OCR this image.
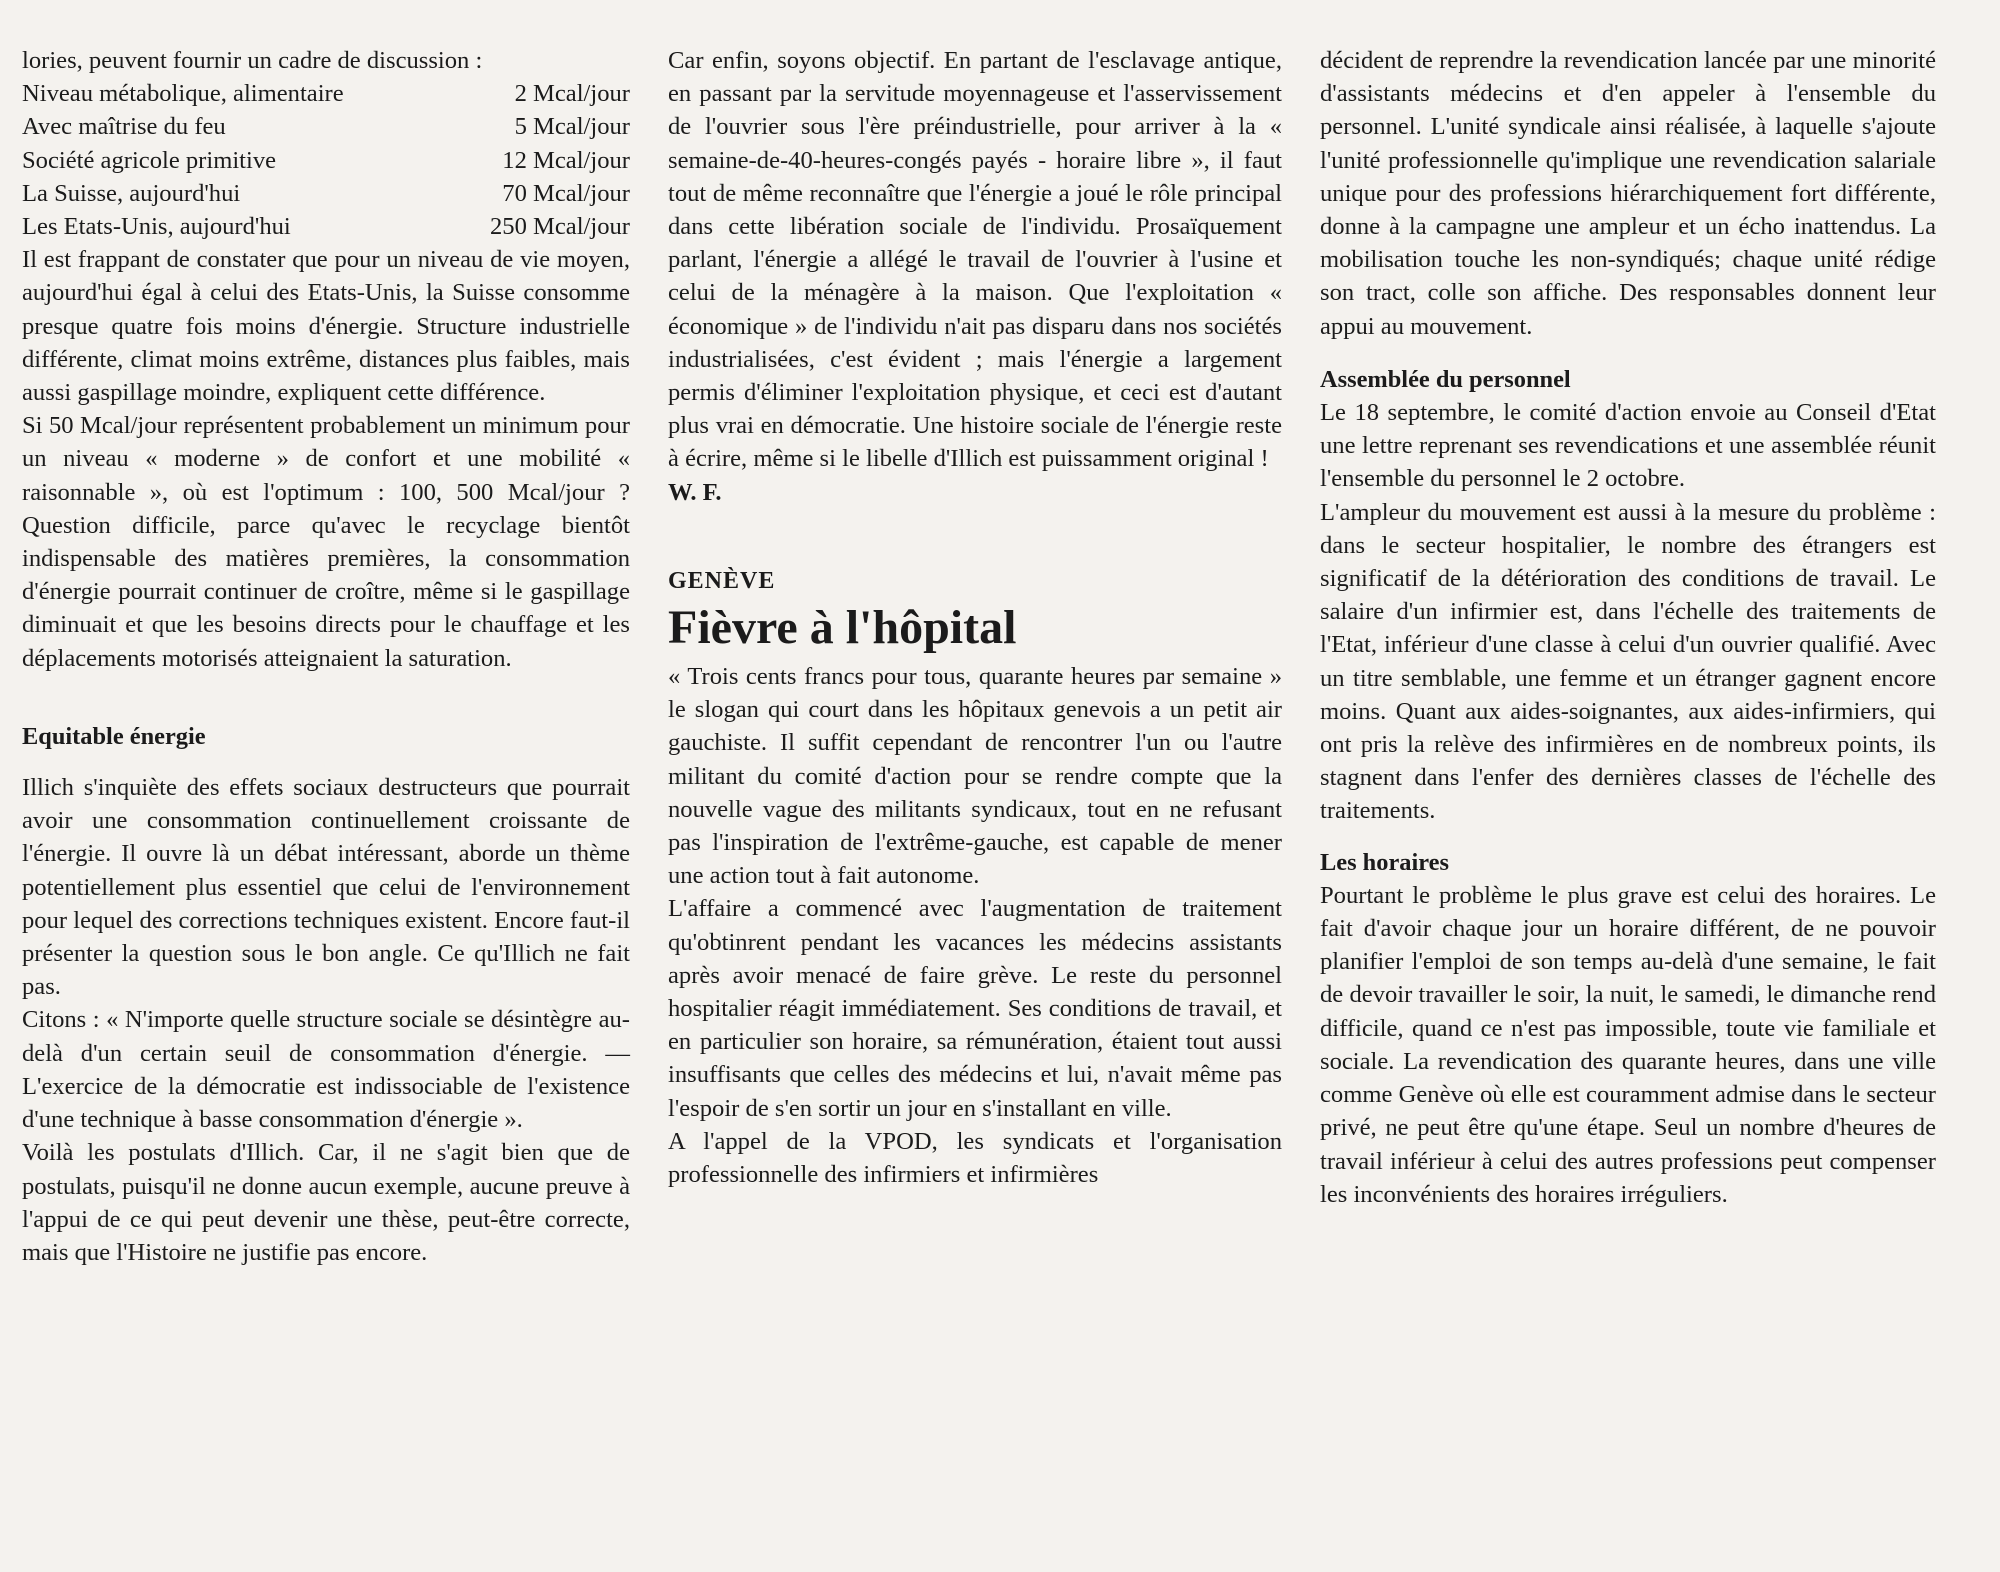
lories, peuvent fournir un cadre de discussion :

Niveau métabolique, alimentaire	2 Mcal/jour
Avec maîtrise du feu	5 Mcal/jour
Société agricole primitive	12 Mcal/jour
La Suisse, aujourd'hui	70 Mcal/jour
Les Etats-Unis, aujourd'hui	250 Mcal/jour

Il est frappant de constater que pour un niveau de vie moyen, aujourd'hui égal à celui des Etats-Unis, la Suisse consomme presque quatre fois moins d'énergie. Structure industrielle différente, climat moins extrême, distances plus faibles, mais aussi gaspillage moindre, expliquent cette différence.

Si 50 Mcal/jour représentent probablement un minimum pour un niveau « moderne » de confort et une mobilité « raisonnable », où est l'optimum : 100, 500 Mcal/jour ? Question difficile, parce qu'avec le recyclage bientôt indispensable des matières premières, la consommation d'énergie pourrait continuer de croître, même si le gaspillage diminuait et que les besoins directs pour le chauffage et les déplacements motorisés atteignaient la saturation.

Equitable énergie

Illich s'inquiète des effets sociaux destructeurs que pourrait avoir une consommation continuellement croissante de l'énergie. Il ouvre là un débat intéressant, aborde un thème potentiellement plus essentiel que celui de l'environnement pour lequel des corrections techniques existent. Encore faut-il présenter la question sous le bon angle. Ce qu'Illich ne fait pas.

Citons : « N'importe quelle structure sociale se désintègre au-delà d'un certain seuil de consommation d'énergie. — L'exercice de la démocratie est indissociable de l'existence d'une technique à basse consommation d'énergie ».

Voilà les postulats d'Illich. Car, il ne s'agit bien que de postulats, puisqu'il ne donne aucun exemple, aucune preuve à l'appui de ce qui peut devenir une thèse, peut-être correcte, mais que l'Histoire ne justifie pas encore.

Car enfin, soyons objectif. En partant de l'esclavage antique, en passant par la servitude moyennageuse et l'asservissement de l'ouvrier sous l'ère préindustrielle, pour arriver à la « semaine-de-40-heures-congés payés - horaire libre », il faut tout de même reconnaître que l'énergie a joué le rôle principal dans cette libération sociale de l'individu. Prosaïquement parlant, l'énergie a allégé le travail de l'ouvrier à l'usine et celui de la ménagère à la maison. Que l'exploitation « économique » de l'individu n'ait pas disparu dans nos sociétés industrialisées, c'est évident ; mais l'énergie a largement permis d'éliminer l'exploitation physique, et ceci est d'autant plus vrai en démocratie. Une histoire sociale de l'énergie reste à écrire, même si le libelle d'Illich est puissamment original !

W. F.

GENÈVE

Fièvre à l'hôpital

« Trois cents francs pour tous, quarante heures par semaine » le slogan qui court dans les hôpitaux genevois a un petit air gauchiste. Il suffit cependant de rencontrer l'un ou l'autre militant du comité d'action pour se rendre compte que la nouvelle vague des militants syndicaux, tout en ne refusant pas l'inspiration de l'extrême-gauche, est capable de mener une action tout à fait autonome.

L'affaire a commencé avec l'augmentation de traitement qu'obtinrent pendant les vacances les médecins assistants après avoir menacé de faire grève. Le reste du personnel hospitalier réagit immédiatement. Ses conditions de travail, et en particulier son horaire, sa rémunération, étaient tout aussi insuffisants que celles des médecins et lui, n'avait même pas l'espoir de s'en sortir un jour en s'installant en ville.

A l'appel de la VPOD, les syndicats et l'organisation professionnelle des infirmiers et infirmières

décident de reprendre la revendication lancée par une minorité d'assistants médecins et d'en appeler à l'ensemble du personnel. L'unité syndicale ainsi réalisée, à laquelle s'ajoute l'unité professionnelle qu'implique une revendication salariale unique pour des professions hiérarchiquement fort différente, donne à la campagne une ampleur et un écho inattendus. La mobilisation touche les non-syndiqués; chaque unité rédige son tract, colle son affiche. Des responsables donnent leur appui au mouvement.

Assemblée du personnel

Le 18 septembre, le comité d'action envoie au Conseil d'Etat une lettre reprenant ses revendications et une assemblée réunit l'ensemble du personnel le 2 octobre.

L'ampleur du mouvement est aussi à la mesure du problème : dans le secteur hospitalier, le nombre des étrangers est significatif de la détérioration des conditions de travail. Le salaire d'un infirmier est, dans l'échelle des traitements de l'Etat, inférieur d'une classe à celui d'un ouvrier qualifié. Avec un titre semblable, une femme et un étranger gagnent encore moins. Quant aux aides-soignantes, aux aides-infirmiers, qui ont pris la relève des infirmières en de nombreux points, ils stagnent dans l'enfer des dernières classes de l'échelle des traitements.

Les horaires

Pourtant le problème le plus grave est celui des horaires. Le fait d'avoir chaque jour un horaire différent, de ne pouvoir planifier l'emploi de son temps au-delà d'une semaine, le fait de devoir travailler le soir, la nuit, le samedi, le dimanche rend difficile, quand ce n'est pas impossible, toute vie familiale et sociale. La revendication des quarante heures, dans une ville comme Genève où elle est couramment admise dans le secteur privé, ne peut être qu'une étape. Seul un nombre d'heures de travail inférieur à celui des autres professions peut compenser les inconvénients des horaires irréguliers.
